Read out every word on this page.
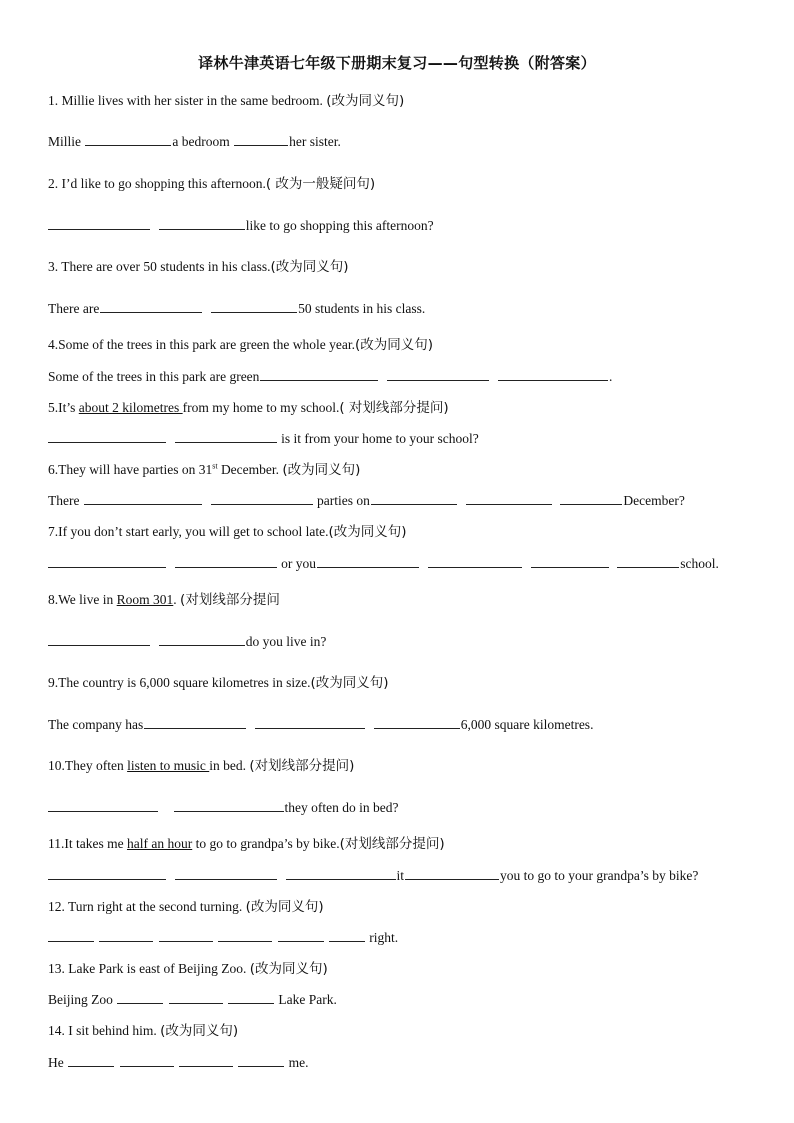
译林牛津英语七年级下册期末复习——句型转换（附答案）
1. Millie lives with her sister in the same bedroom. (改为同义句)
Millie	a bedroom	her sister.
2. I’d like to go shopping this afternoon.( 改为一般疑问句)
like to go shopping this afternoon?
3. There are over 50 students in his class.(改为同义句)
There are	50 students in his class.
4.Some of the trees in this park are green the whole year.(改为同义句)
Some of the trees in this park are green	.
5.It’s about 2 kilometres from my home to my school.( 对划线部分提问)
is it from your home to your school?
6.They will have parties on 31st December. (改为同义句)
There	parties on	December?
7.If you don’t start early, you will get to school late.(改为同义句)
or you	school.
8.We live in Room 301. (对划线部分提问
do you live in?
9.The country is 6,000 square kilometres in size.(改为同义句)
The company has	6,000 square kilometres.
10.They often listen to music in bed. (对划线部分提问)
they often do in bed?
11.It takes me half an hour to go to grandpa’s by bike.(对划线部分提问)
it	you to go to your grandpa’s by bike?
12. Turn right at the second turning. (改为同义句)
right.
13. Lake Park is east of Beijing Zoo. (改为同义句)
Beijing Zoo	Lake Park.
14. I sit behind him. (改为同义句)
He	me.
